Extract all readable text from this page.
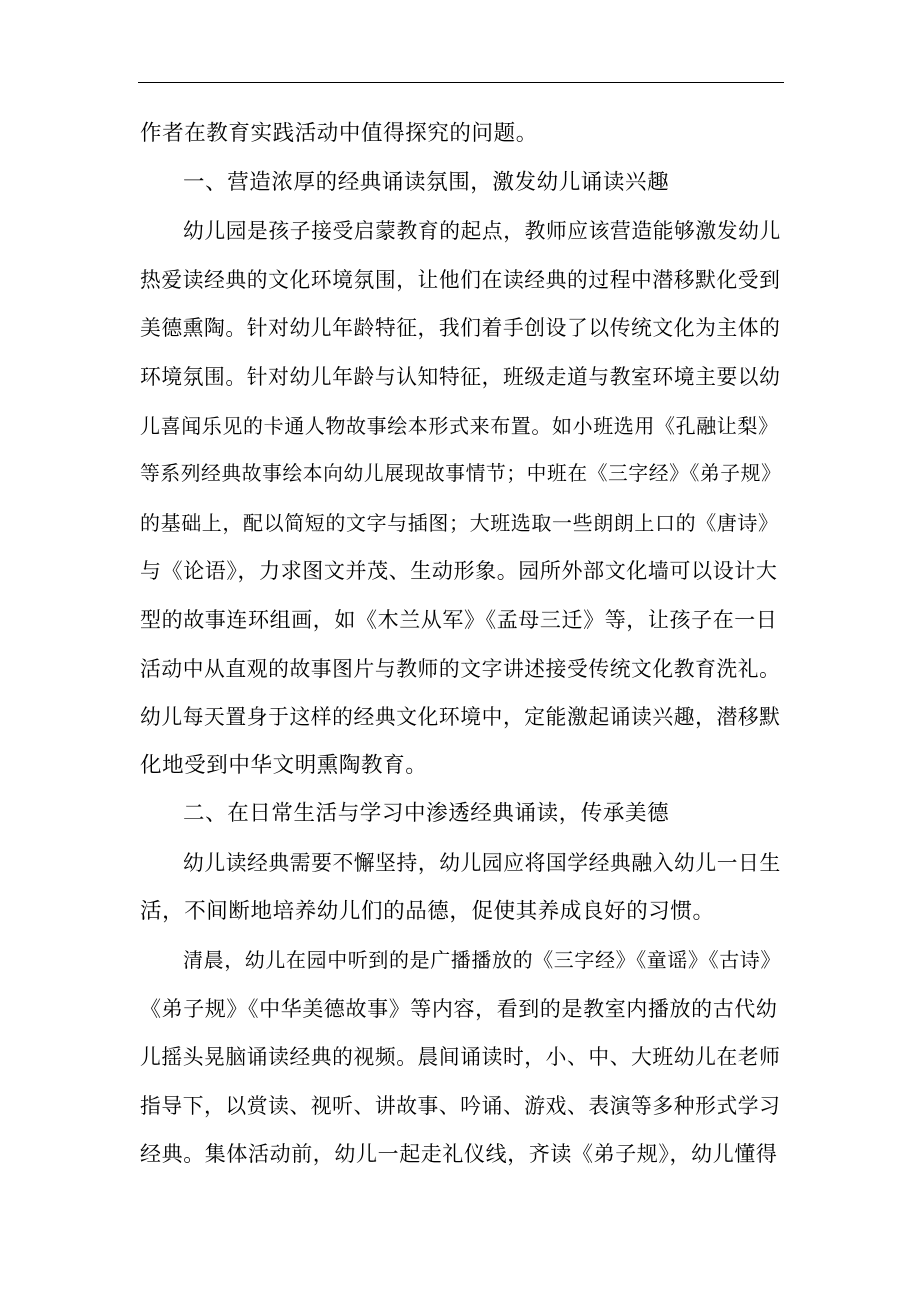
作者在教育实践活动中值得探究的问题。
一、营造浓厚的经典诵读氛围，激发幼儿诵读兴趣
幼儿园是孩子接受启蒙教育的起点，教师应该营造能够激发幼儿
热爱读经典的文化环境氛围，让他们在读经典的过程中潜移默化受到
美德熏陶。针对幼儿年龄特征，我们着手创设了以传统文化为主体的
环境氛围。针对幼儿年龄与认知特征，班级走道与教室环境主要以幼
儿喜闻乐见的卡通人物故事绘本形式来布置。如小班选用《孔融让梨》
等系列经典故事绘本向幼儿展现故事情节；中班在《三字经》《弟子规》
的基础上，配以简短的文字与插图；大班选取一些朗朗上口的《唐诗》
与《论语》，力求图文并茂、生动形象。园所外部文化墙可以设计大
型的故事连环组画，如《木兰从军》《孟母三迁》等，让孩子在一日
活动中从直观的故事图片与教师的文字讲述接受传统文化教育洗礼。
幼儿每天置身于这样的经典文化环境中，定能激起诵读兴趣，潜移默
化地受到中华文明熏陶教育。
二、在日常生活与学习中渗透经典诵读，传承美德
幼儿读经典需要不懈坚持，幼儿园应将国学经典融入幼儿一日生
活，不间断地培养幼儿们的品德，促使其养成良好的习惯。
清晨，幼儿在园中听到的是广播播放的《三字经》《童谣》《古诗》
《弟子规》《中华美德故事》等内容，看到的是教室内播放的古代幼
儿摇头晃脑诵读经典的视频。晨间诵读时，小、中、大班幼儿在老师
指导下，以赏读、视听、讲故事、吟诵、游戏、表演等多种形式学习
经典。集体活动前，幼儿一起走礼仪线，齐读《弟子规》，幼儿懂得
